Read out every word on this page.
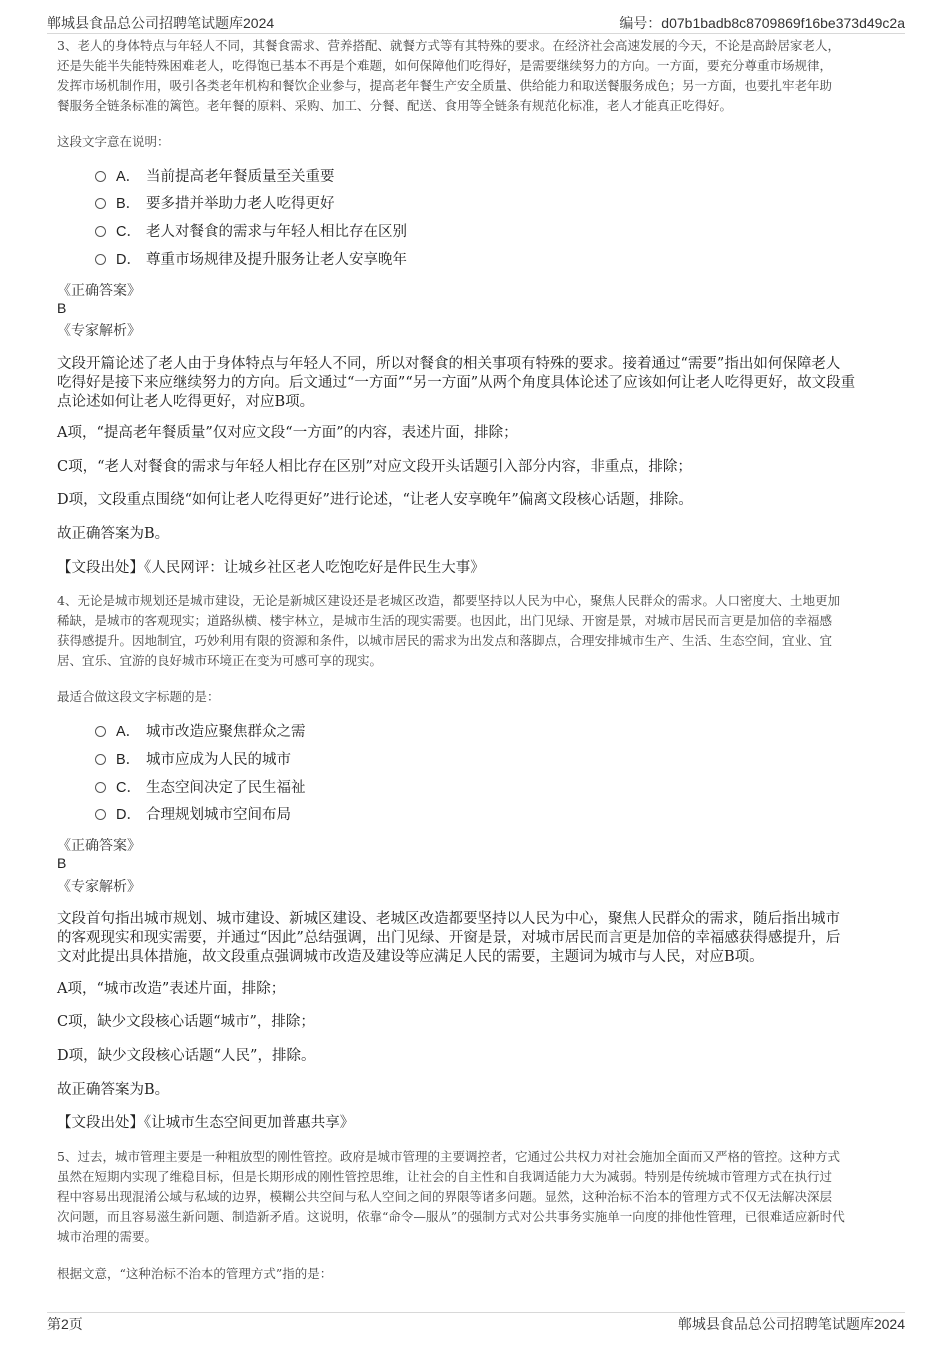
郸城县食品总公司招聘笔试题库2024	编号：d07b1badb8c8709869f16be373d49c2a
3、老人的身体特点与年轻人不同，其餐食需求、营养搭配、就餐方式等有其特殊的要求。在经济社会高速发展的今天，不论是高龄居家老人，
还是失能半失能特殊困难老人，吃得饱已基本不再是个难题，如何保障他们吃得好，是需要继续努力的方向。一方面，要充分尊重市场规律，
发挥市场机制作用，吸引各类老年机构和餐饮企业参与，提高老年餐生产安全质量、供给能力和取送餐服务成色；另一方面，也要扎牢老年助
餐服务全链条标准的篱笆。老年餐的原料、采购、加工、分餐、配送、食用等全链条有规范化标准，老人才能真正吃得好。
这段文字意在说明：
A． 当前提高老年餐质量至关重要
B． 要多措并举助力老人吃得更好
C． 老人对餐食的需求与年轻人相比存在区别
D． 尊重市场规律及提升服务让老人安享晚年
《正确答案》
B
《专家解析》
文段开篇论述了老人由于身体特点与年轻人不同，所以对餐食的相关事项有特殊的要求。接着通过“需要”指出如何保障老人
吃得好是接下来应继续努力的方向。后文通过“一方面”“另一方面”从两个角度具体论述了应该如何让老人吃得更好，故文段重
点论述如何让老人吃得更好，对应B项。
A项，“提高老年餐质量”仅对应文段“一方面”的内容，表述片面，排除；
C项，“老人对餐食的需求与年轻人相比存在区别”对应文段开头话题引入部分内容，非重点，排除；
D项，文段重点围绕“如何让老人吃得更好”进行论述，“让老人安享晚年”偏离文段核心话题，排除。
故正确答案为B。
【文段出处】《人民网评：让城乡社区老人吃饱吃好是件民生大事》
4、无论是城市规划还是城市建设，无论是新城区建设还是老城区改造，都要坚持以人民为中心，聚焦人民群众的需求。人口密度大、土地更加
稀缺，是城市的客观现实；道路纵横、楼宇林立，是城市生活的现实需要。也因此，出门见绿、开窗是景，对城市居民而言更是加倍的幸福感
获得感提升。因地制宜，巧妙利用有限的资源和条件，以城市居民的需求为出发点和落脚点，合理安排城市生产、生活、生态空间，宜业、宜
居、宜乐、宜游的良好城市环境正在变为可感可享的现实。
最适合做这段文字标题的是：
A． 城市改造应聚焦群众之需
B． 城市应成为人民的城市
C． 生态空间决定了民生福祉
D． 合理规划城市空间布局
《正确答案》
B
《专家解析》
文段首句指出城市规划、城市建设、新城区建设、老城区改造都要坚持以人民为中心，聚焦人民群众的需求，随后指出城市
的客观现实和现实需要，并通过“因此”总结强调，出门见绿、开窗是景，对城市居民而言更是加倍的幸福感获得感提升，后
文对此提出具体措施，故文段重点强调城市改造及建设等应满足人民的需要，主题词为城市与人民，对应B项。
A项，“城市改造”表述片面，排除；
C项，缺少文段核心话题“城市”，排除；
D项，缺少文段核心话题“人民”，排除。
故正确答案为B。
【文段出处】《让城市生态空间更加普惠共享》
5、过去，城市管理主要是一种粗放型的刚性管控。政府是城市管理的主要调控者，它通过公共权力对社会施加全面而又严格的管控。这种方式
虽然在短期内实现了维稳目标，但是长期形成的刚性管控思维，让社会的自主性和自我调适能力大为减弱。特别是传统城市管理方式在执行过
程中容易出现混淆公域与私域的边界，模糊公共空间与私人空间之间的界限等诸多问题。显然，这种治标不治本的管理方式不仅无法解决深层
次问题，而且容易滋生新问题、制造新矛盾。这说明，依靠“命令—服从”的强制方式对公共事务实施单一向度的排他性管理，已很难适应新时代
城市治理的需要。
根据文意，“这种治标不治本的管理方式”指的是：
第2页	郸城县食品总公司招聘笔试题库2024
